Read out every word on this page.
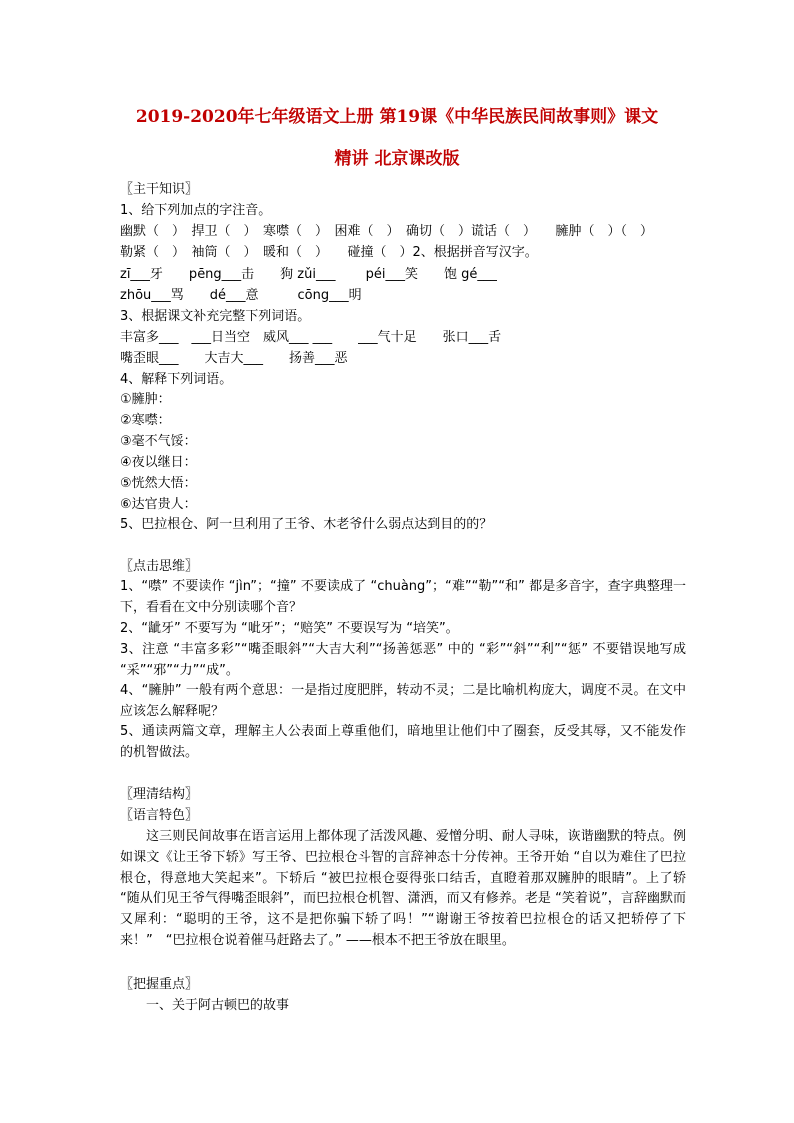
2019-2020年七年级语文上册 第19课《中华民族民间故事则》课文
精讲 北京课改版
〖主干知识〗
1、给下列加点的字注音。
幽默（　）　捍卫（　）　寒噤（　）　困难（　）　确切（　）谎话（　）　　臃肿（　）（　）
勒紧（　）　袖筒（　）　暖和（　）　　碰撞（　）2、根据拼音写汉字。
zī___牙　　pēng___击　　狗 zǔi___　　 péi___笑　　饱 gé___
zhōu___骂　　dé___意　　　cōng___明
3、根据课文补充完整下列词语。
丰富多___　___日当空　威风___ ___　　___气十足　　张口___舌
嘴歪眼___　　大吉大___　　扬善___恶
4、解释下列词语。
①臃肿：
②寒噤：
③毫不气馁：
④夜以继日：
⑤恍然大悟：
⑥达官贵人：
5、巴拉根仓、阿一旦利用了王爷、木老爷什么弱点达到目的的？
〖点击思维〗
1、“噤” 不要读作 “jìn”；“撞” 不要读成了 “chuàng”；“难”“勒”“和” 都是多音字，查字典整理一下，看看在文中分别读哪个音？
2、“龇牙” 不要写为 “呲牙”；“赔笑” 不要误写为 “培笑”。
3、注意 “丰富多彩”“嘴歪眼斜”“大吉大利”“扬善惩恶” 中的 “彩”“斜”“利”“惩” 不要错误地写成 “采”“邪”“力”“成”。
4、“臃肿” 一般有两个意思：一是指过度肥胖，转动不灵；二是比喻机构庞大，调度不灵。在文中应该怎么解释呢？
5、通读两篇文章，理解主人公表面上尊重他们，暗地里让他们中了圈套，反受其辱，又不能发作的机智做法。
〖理清结构〗
〖语言特色〗
这三则民间故事在语言运用上都体现了活泼风趣、爱憎分明、耐人寻味，诙谐幽默的特点。例如课文《让王爷下轿》写王爷、巴拉根仓斗智的言辞神态十分传神。王爷开始 “自以为难住了巴拉根仓，得意地大笑起来”。下轿后 “被巴拉根仓耍得张口结舌，直瞪着那双臃肿的眼睛”。上了轿 “随从们见王爷气得嘴歪眼斜”，而巴拉根仓机智、潇洒，而又有修养。老是 “笑着说”，言辞幽默而又犀利：“聪明的王爷，这不是把你骗下轿了吗！”“谢谢王爷按着巴拉根仓的话又把轿停了下来！”　“巴拉根仓说着催马赶路去了。” ——根本不把王爷放在眼里。
〖把握重点〗
一、关于阿古顿巴的故事
